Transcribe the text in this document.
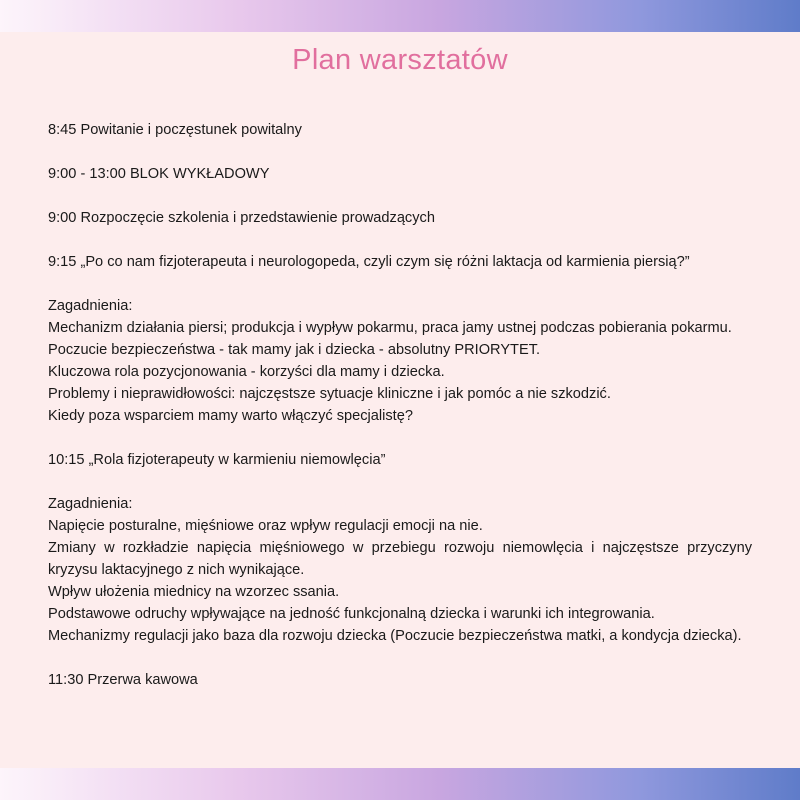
Plan warsztatów
8:45 Powitanie i poczęstunek powitalny
9:00 - 13:00 BLOK WYKŁADOWY
9:00 Rozpoczęcie szkolenia i przedstawienie prowadzących
9:15 „Po co nam fizjoterapeuta i neurologopeda, czyli czym się różni laktacja od karmienia piersią?”
Zagadnienia:
Mechanizm działania piersi; produkcja i wypływ pokarmu, praca jamy ustnej podczas pobierania pokarmu.
Poczucie bezpieczeństwa - tak mamy jak i dziecka - absolutny PRIORYTET.
Kluczowa rola pozycjonowania - korzyści dla mamy i dziecka.
Problemy i nieprawidłowości: najczęstsze sytuacje kliniczne i jak pomóc a nie szkodzić.
Kiedy poza wsparciem mamy warto włączyć specjalistę?
10:15 „Rola fizjoterapeuty w karmieniu niemowlęcia”
Zagadnienia:
Napięcie posturalne, mięśniowe oraz wpływ regulacji emocji na nie.
Zmiany w rozkładzie napięcia mięśniowego w przebiegu rozwoju niemowlęcia i najczęstsze przyczyny kryzysu laktacyjnego z nich wynikające.
Wpływ ułożenia miednicy na wzorzec ssania.
Podstawowe odruchy wpływające na jedność funkcjonalną dziecka i warunki ich integrowania.
Mechanizmy regulacji jako baza dla rozwoju dziecka (Poczucie bezpieczeństwa matki, a kondycja dziecka).
11:30 Przerwa kawowa
